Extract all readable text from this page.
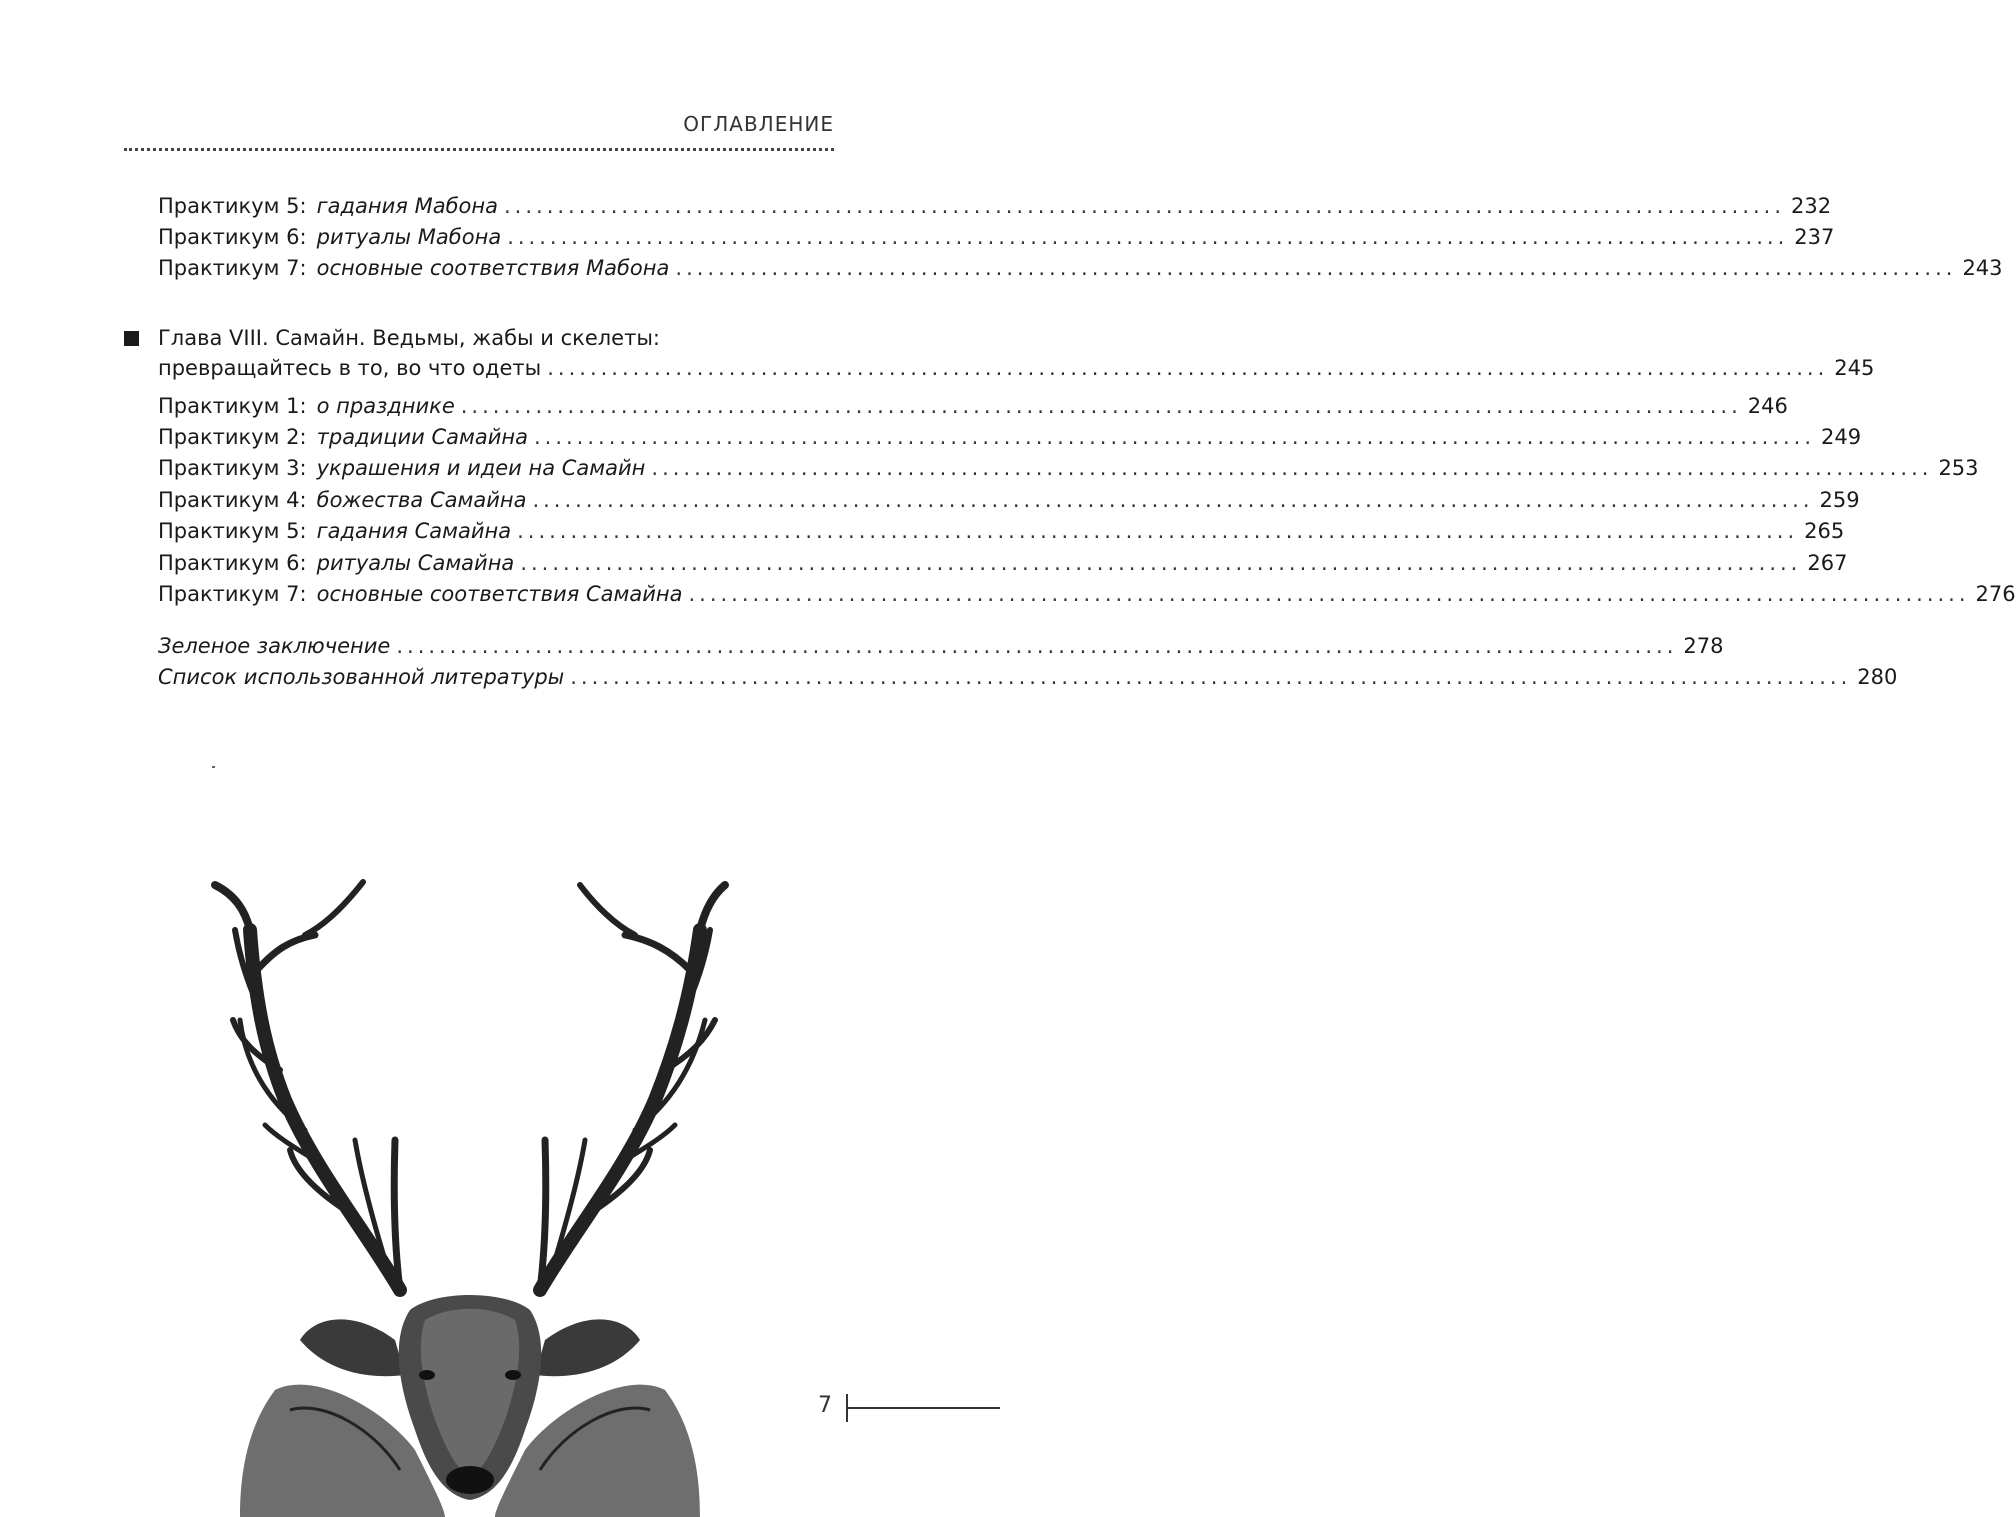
ОГЛАВЛЕНИЕ
Практикум 5: гадания Мабона ........................................................................................................................ 232
Практикум 6: ритуалы Мабона ........................................................................................................................ 237
Практикум 7: основные соответствия Мабона ........................................................................................................................ 243
Глава VIII. Самайн. Ведьмы, жабы и скелеты:
превращайтесь в то, во что одеты ........................................................................................................................ 245
Практикум 1: о празднике ........................................................................................................................ 246
Практикум 2: традиции Самайна ........................................................................................................................ 249
Практикум 3: украшения и идеи на Самайн ........................................................................................................................ 253
Практикум 4: божества Самайна ........................................................................................................................ 259
Практикум 5: гадания Самайна ........................................................................................................................ 265
Практикум 6: ритуалы Самайна ........................................................................................................................ 267
Практикум 7: основные соответствия Самайна ........................................................................................................................ 276
Зеленое заключение ........................................................................................................................ 278
Список использованной литературы ........................................................................................................................ 280
7
